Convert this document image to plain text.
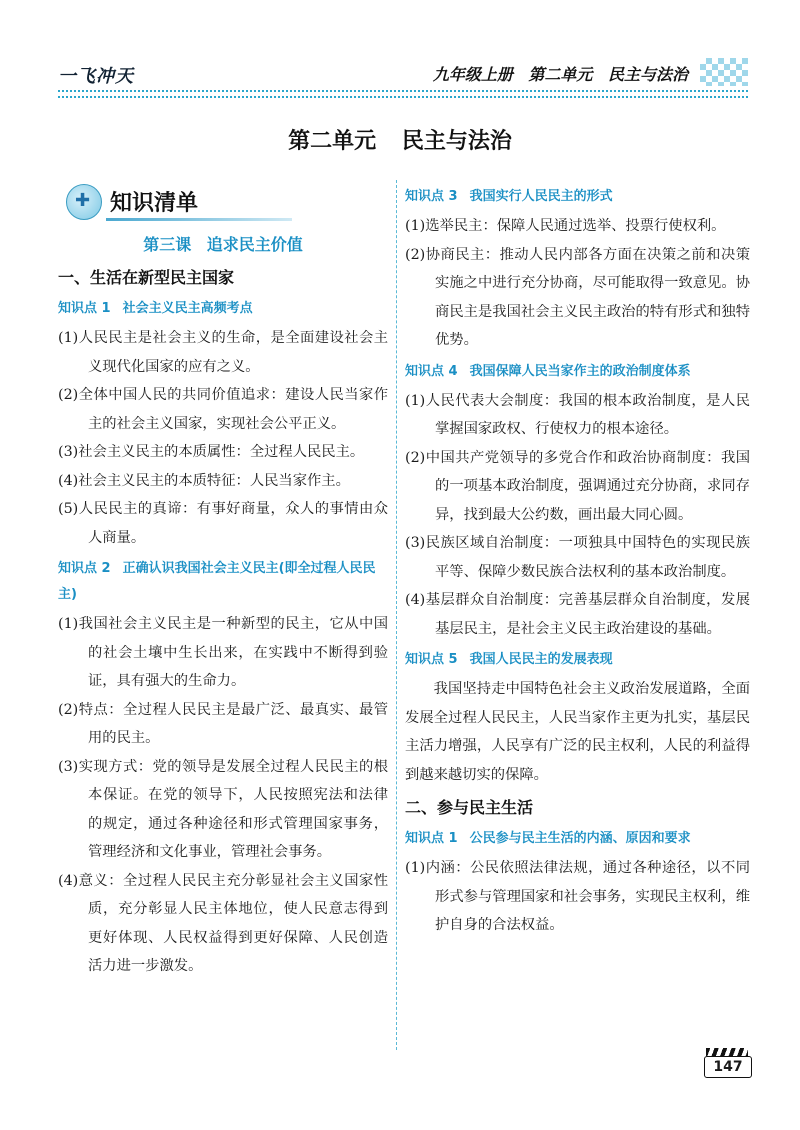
一飞冲天	九年级上册 第二单元 民主与法治
第二单元 民主与法治
✚
知识清单
第三课 追求民主价值
一、生活在新型民主国家
知识点 1 社会主义民主高频考点

(1)人民民主是社会主义的生命，是全面建设社会主义现代化国家的应有之义。

(2)全体中国人民的共同价值追求：建设人民当家作主的社会主义国家，实现社会公平正义。

(3)社会主义民主的本质属性：全过程人民民主。

(4)社会主义民主的本质特征：人民当家作主。

(5)人民民主的真谛：有事好商量，众人的事情由众人商量。

知识点 2 正确认识我国社会主义民主(即全过程人民民主)

(1)我国社会主义民主是一种新型的民主，它从中国的社会土壤中生长出来，在实践中不断得到验证，具有强大的生命力。

(2)特点：全过程人民民主是最广泛、最真实、最管用的民主。

(3)实现方式：党的领导是发展全过程人民民主的根本保证。在党的领导下，人民按照宪法和法律的规定，通过各种途径和形式管理国家事务，管理经济和文化事业，管理社会事务。

(4)意义：全过程人民民主充分彰显社会主义国家性质，充分彰显人民主体地位，使人民意志得到更好体现、人民权益得到更好保障、人民创造活力进一步激发。

知识点 3 我国实行人民民主的形式

(1)选举民主：保障人民通过选举、投票行使权利。

(2)协商民主：推动人民内部各方面在决策之前和决策实施之中进行充分协商，尽可能取得一致意见。协商民主是我国社会主义民主政治的特有形式和独特优势。

知识点 4 我国保障人民当家作主的政治制度体系

(1)人民代表大会制度：我国的根本政治制度，是人民掌握国家政权、行使权力的根本途径。

(2)中国共产党领导的多党合作和政治协商制度：我国的一项基本政治制度，强调通过充分协商，求同存异，找到最大公约数，画出最大同心圆。

(3)民族区域自治制度：一项独具中国特色的实现民族平等、保障少数民族合法权利的基本政治制度。

(4)基层群众自治制度：完善基层群众自治制度，发展基层民主，是社会主义民主政治建设的基础。

知识点 5 我国人民民主的发展表现

我国坚持走中国特色社会主义政治发展道路，全面发展全过程人民民主，人民当家作主更为扎实，基层民主活力增强，人民享有广泛的民主权利，人民的利益得到越来越切实的保障。

二、参与民主生活
知识点 1 公民参与民主生活的内涵、原因和要求

(1)内涵：公民依照法律法规，通过各种途径，以不同形式参与管理国家和社会事务，实现民主权利，维护自身的合法权益。

147
